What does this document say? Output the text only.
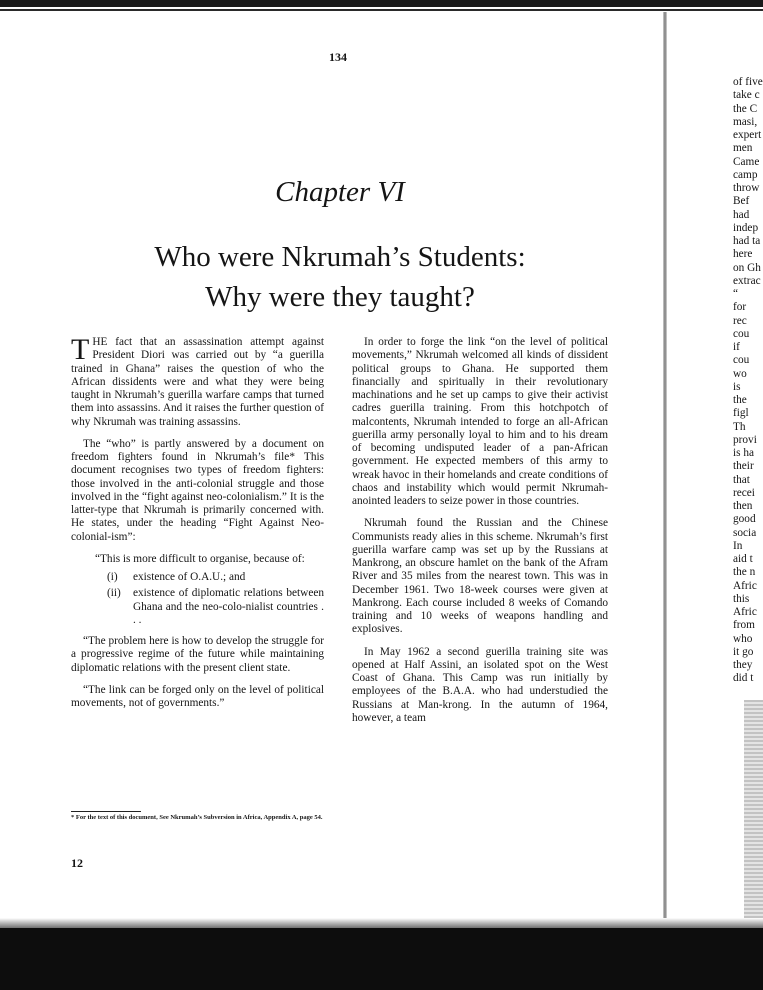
134
Chapter VI
Who were Nkrumah’s Students:
Why were they taught?

THE fact that an assassination attempt against President Diori was carried out by “a guerilla trained in Ghana” raises the question of who the African dissidents were and what they were being taught in Nkrumah’s guerilla warfare camps that turned them into assassins. And it raises the further question of why Nkrumah was training assassins.

The “who” is partly answered by a document on freedom fighters found in Nkrumah’s file* This document recognises two types of freedom fighters: those involved in the anti-colonial struggle and those involved in the “fight against neo-colonialism.” It is the latter-type that Nkrumah is primarily concerned with. He states, under the heading “Fight Against Neo-colonial-ism”:

“This is more difficult to organise, because of:

(i)	existence of O.A.U.; and
(ii)	existence of diplomatic relations between Ghana and the neo-colo-nialist countries . . .

“The problem here is how to develop the struggle for a progressive regime of the future while maintaining diplomatic relations with the present client state.

“The link can be forged only on the level of political movements, not of governments.”

In order to forge the link “on the level of political movements,” Nkrumah welcomed all kinds of dissident political groups to Ghana. He supported them financially and spiritually in their revolutionary machinations and he set up camps to give their activist cadres guerilla training. From this hotchpotch of malcontents, Nkrumah intended to forge an all-African guerilla army personally loyal to him and to his dream of becoming undisputed leader of a pan-African government. He expected members of this army to wreak havoc in their homelands and create conditions of chaos and instability which would permit Nkrumah-anointed leaders to seize power in those countries.

Nkrumah found the Russian and the Chinese Communists ready alies in this scheme. Nkrumah’s first guerilla warfare camp was set up by the Russians at Mankrong, an obscure hamlet on the bank of the Afram River and 35 miles from the nearest town. This was in December 1961. Two 18-week courses were given at Mankrong. Each course included 8 weeks of Comando training and 10 weeks of weapons handling and explosives.

In May 1962 a second guerilla training site was opened at Half Assini, an isolated spot on the West Coast of Ghana. This Camp was run initially by employees of the B.A.A. who had understudied the Russians at Man-krong. In the autumn of 1964, however, a team

* For the text of this document, See Nkrumah’s Subversion in Africa, Appendix A, page 54.
12
of five
take c
the C
masi,
expert
men
Came
camp
throw
Bef
had
indep
had ta
here
on Gh
extrac
“
for
rec
cou
if
cou
wo
is
the
figl
Th
provi
is ha
their
that
recei
then
good
socia
In
aid t
the n
Afric
this
Afric
from
who
it go
they
did t
